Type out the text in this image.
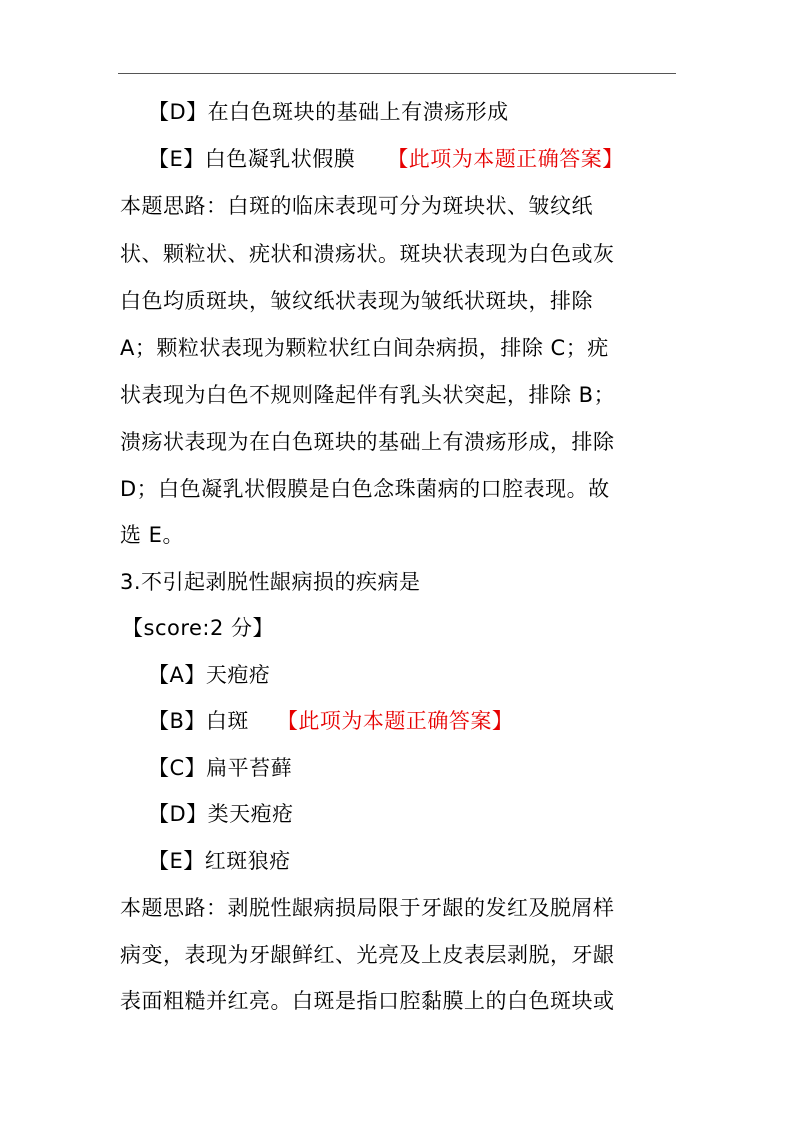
【D】在白色斑块的基础上有溃疡形成
【E】白色凝乳状假膜 【此项为本题正确答案】
本题思路：白斑的临床表现可分为斑块状、皱纹纸
状、颗粒状、疣状和溃疡状。斑块状表现为白色或灰
白色均质斑块，皱纹纸状表现为皱纸状斑块，排除
A；颗粒状表现为颗粒状红白间杂病损，排除 C；疣
状表现为白色不规则隆起伴有乳头状突起，排除 B；
溃疡状表现为在白色斑块的基础上有溃疡形成，排除
D；白色凝乳状假膜是白色念珠菌病的口腔表现。故
选 E。
3.不引起剥脱性龈病损的疾病是
【score:2 分】
【A】天疱疮
【B】白斑 【此项为本题正确答案】
【C】扁平苔藓
【D】类天疱疮
【E】红斑狼疮
本题思路：剥脱性龈病损局限于牙龈的发红及脱屑样
病变，表现为牙龈鲜红、光亮及上皮表层剥脱，牙龈
表面粗糙并红亮。白斑是指口腔黏膜上的白色斑块或
